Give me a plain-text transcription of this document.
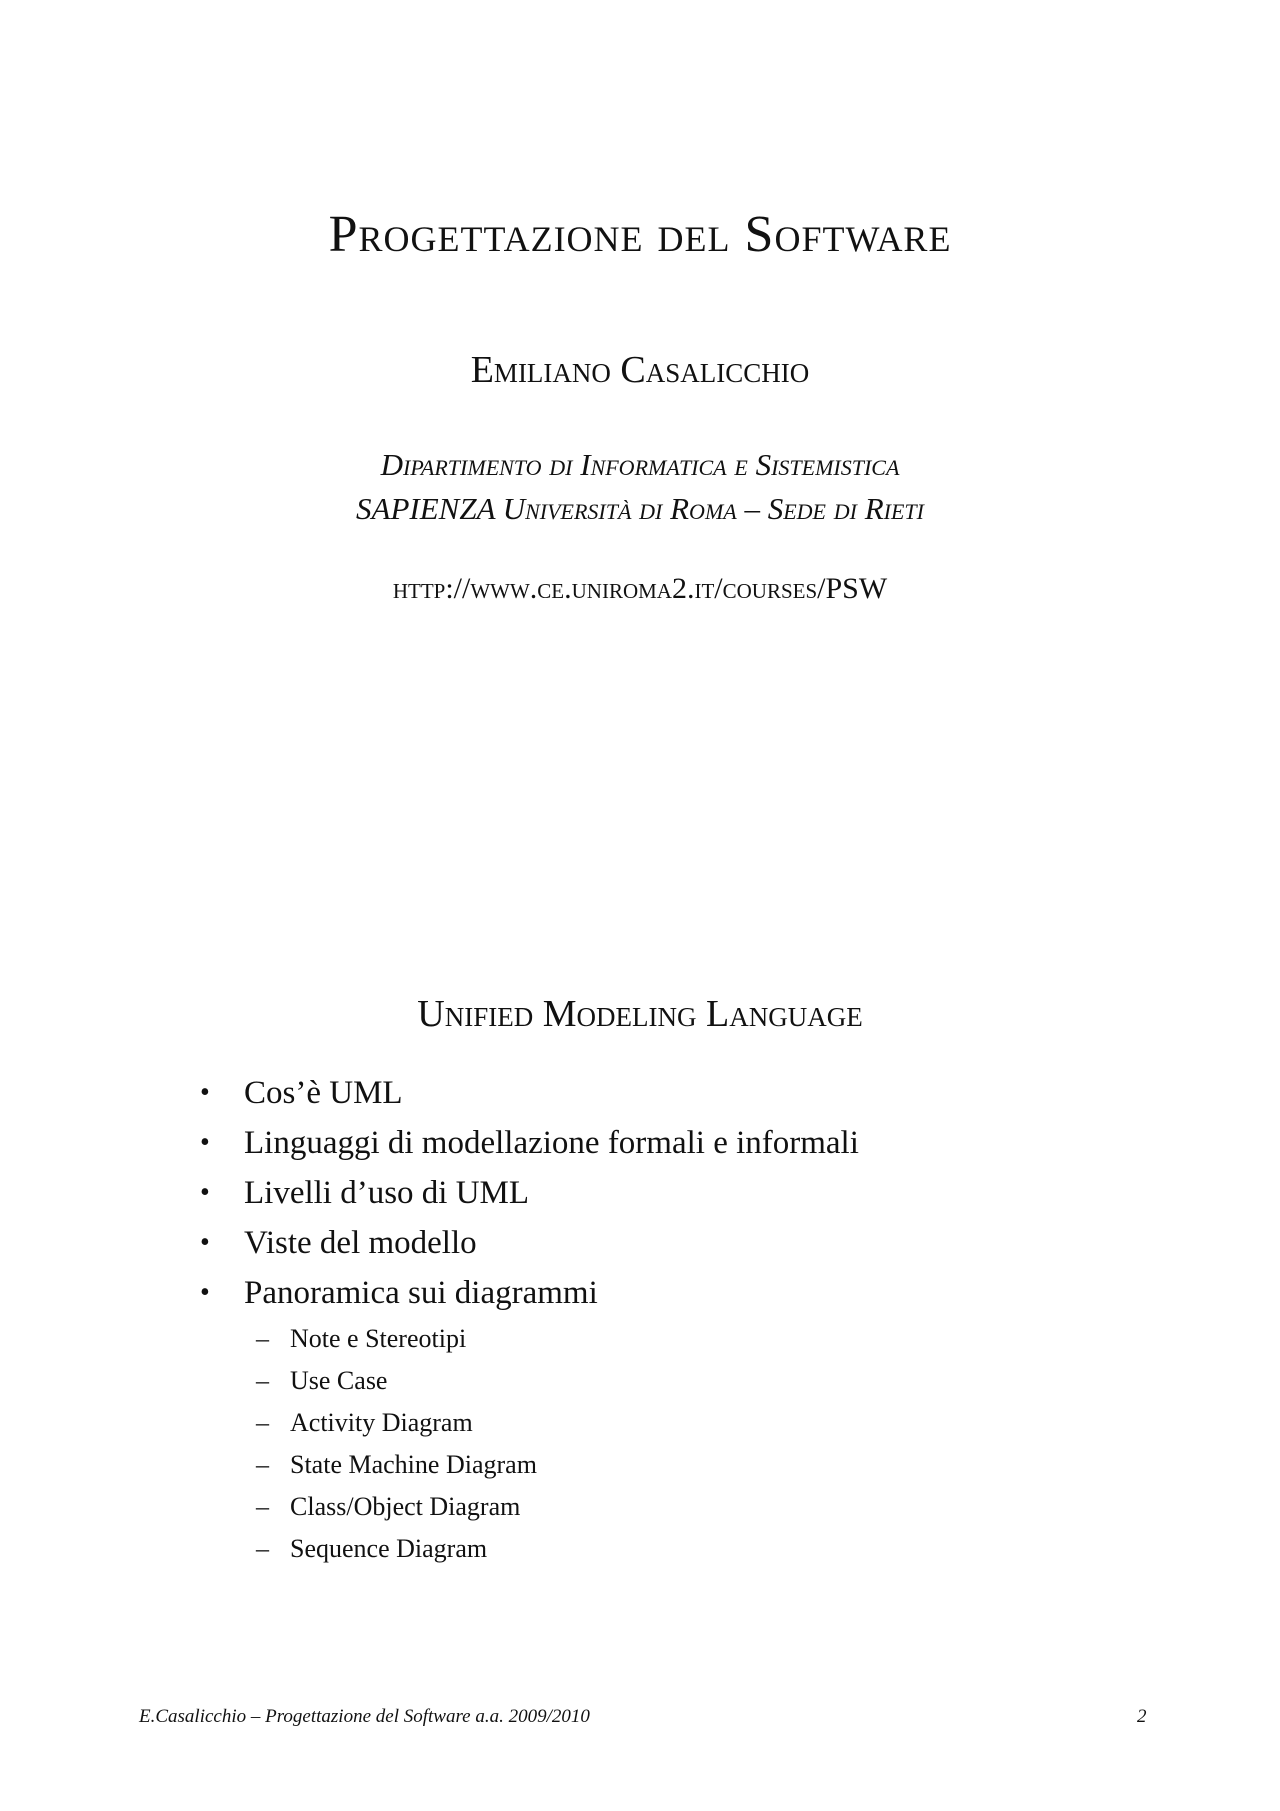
Progettazione del Software
Emiliano Casalicchio
Dipartimento di Informatica e Sistemistica
SAPIENZA Università di Roma – Sede di Rieti
http://www.ce.uniroma2.it/courses/PSW
Unified Modeling Language
• Cos’è UML
• Linguaggi di modellazione formali e informali
• Livelli d’uso di UML
• Viste del modello
• Panoramica sui diagrammi
– Note e Stereotipi
– Use Case
– Activity Diagram
– State Machine Diagram
– Class/Object Diagram
– Sequence Diagram
E.Casalicchio – Progettazione del Software a.a. 2009/2010	2
